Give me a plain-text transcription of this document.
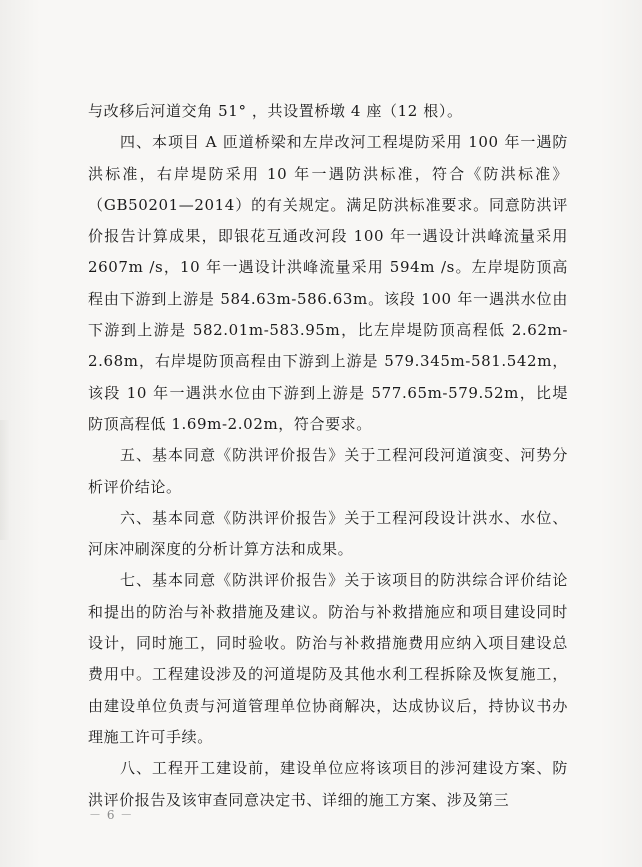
与改移后河道交角 51° ，共设置桥墩 4 座（12 根）。

四、本项目 A 匝道桥梁和左岸改河工程堤防采用 100 年一遇防洪标准，右岸堤防采用 10 年一遇防洪标准，符合《防洪标准》（GB50201—2014）的有关规定。满足防洪标准要求。同意防洪评价报告计算成果，即银花互通改河段 100 年一遇设计洪峰流量采用 2607m /s，10 年一遇设计洪峰流量采用 594m /s。左岸堤防顶高程由下游到上游是 584.63m-586.63m。该段 100 年一遇洪水位由下游到上游是 582.01m-583.95m，比左岸堤防顶高程低 2.62m-2.68m，右岸堤防顶高程由下游到上游是 579.345m-581.542m，该段 10 年一遇洪水位由下游到上游是 577.65m-579.52m，比堤防顶高程低 1.69m-2.02m，符合要求。

五、基本同意《防洪评价报告》关于工程河段河道演变、河势分析评价结论。

六、基本同意《防洪评价报告》关于工程河段设计洪水、水位、河床冲刷深度的分析计算方法和成果。

七、基本同意《防洪评价报告》关于该项目的防洪综合评价结论和提出的防治与补救措施及建议。防治与补救措施应和项目建设同时设计，同时施工，同时验收。防治与补救措施费用应纳入项目建设总费用中。工程建设涉及的河道堤防及其他水利工程拆除及恢复施工，由建设单位负责与河道管理单位协商解决，达成协议后，持协议书办理施工许可手续。

八、工程开工建设前，建设单位应将该项目的涉河建设方案、防洪评价报告及该审查同意决定书、详细的施工方案、涉及第三

－ 6 －
